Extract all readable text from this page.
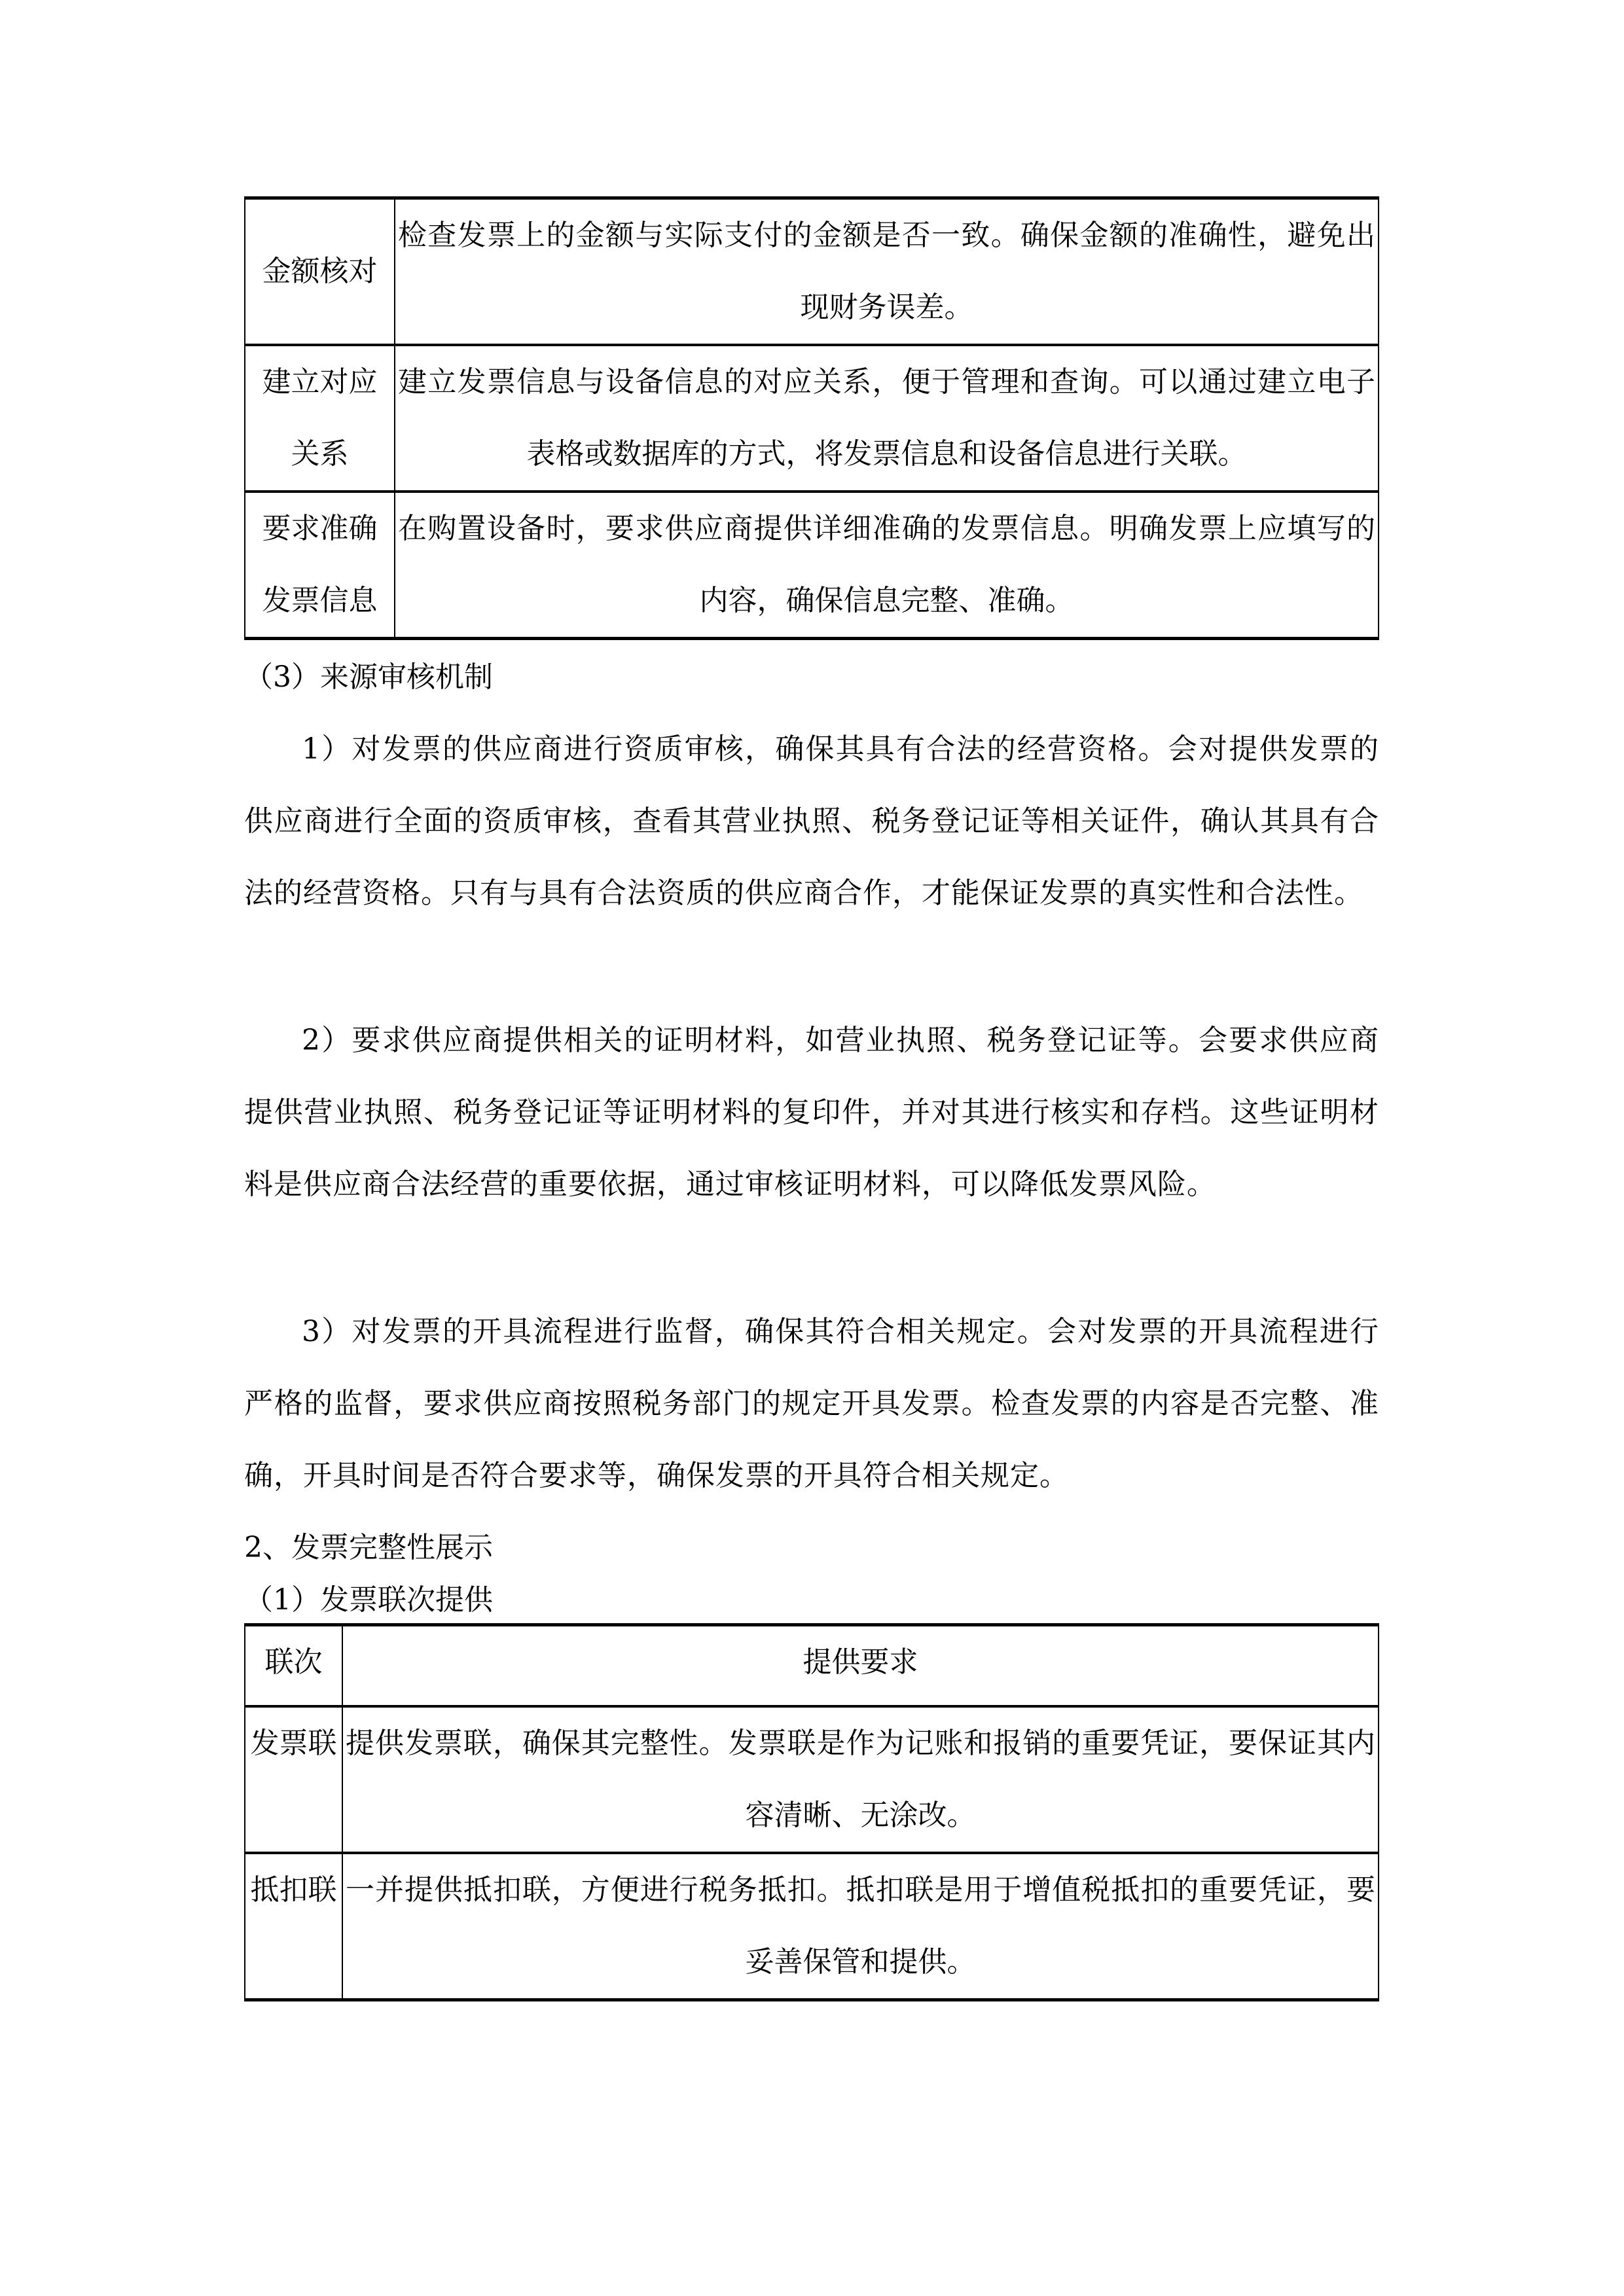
金额核对	检查发票上的金额与实际支付的金额是否一致。确保金额的准确性，避免出现财务误差。
建立对应关系	建立发票信息与设备信息的对应关系，便于管理和查询。可以通过建立电子表格或数据库的方式，将发票信息和设备信息进行关联。
要求准确发票信息	在购置设备时，要求供应商提供详细准确的发票信息。明确发票上应填写的内容，确保信息完整、准确。
（3）来源审核机制
1）对发票的供应商进行资质审核，确保其具有合法的经营资格。会对提供发票的供应商进行全面的资质审核，查看其营业执照、税务登记证等相关证件，确认其具有合法的经营资格。只有与具有合法资质的供应商合作，才能保证发票的真实性和合法性。
2）要求供应商提供相关的证明材料，如营业执照、税务登记证等。会要求供应商提供营业执照、税务登记证等证明材料的复印件，并对其进行核实和存档。这些证明材料是供应商合法经营的重要依据，通过审核证明材料，可以降低发票风险。
3）对发票的开具流程进行监督，确保其符合相关规定。会对发票的开具流程进行严格的监督，要求供应商按照税务部门的规定开具发票。检查发票的内容是否完整、准确，开具时间是否符合要求等，确保发票的开具符合相关规定。
2、发票完整性展示
（1）发票联次提供
联次	提供要求
发票联	提供发票联，确保其完整性。发票联是作为记账和报销的重要凭证，要保证其内容清晰、无涂改。
抵扣联	一并提供抵扣联，方便进行税务抵扣。抵扣联是用于增值税抵扣的重要凭证，要妥善保管和提供。
